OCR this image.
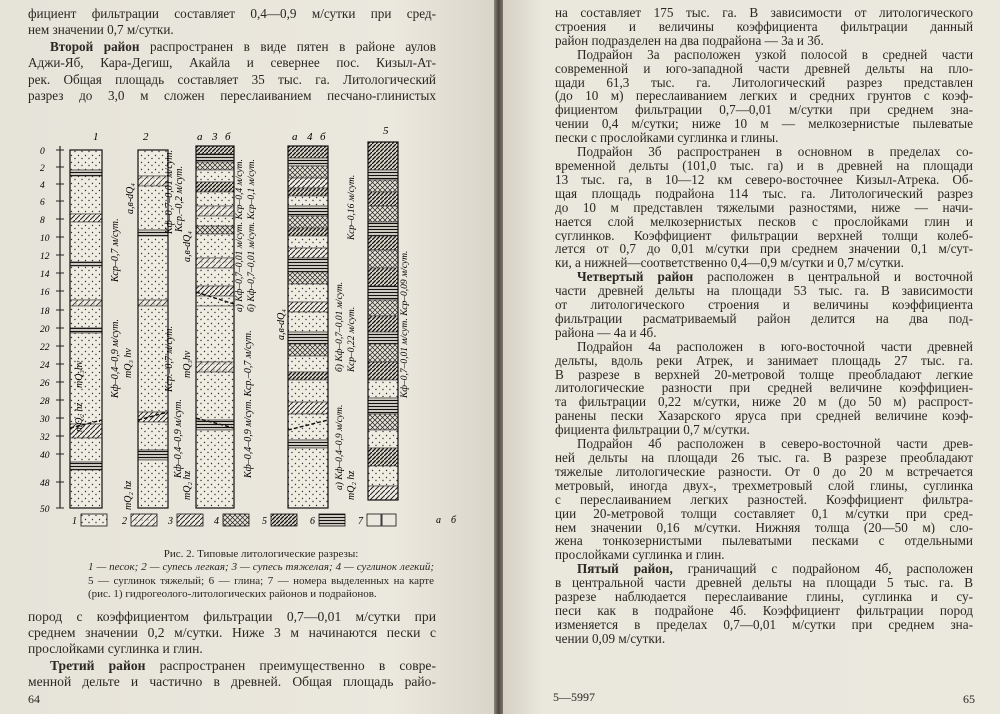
фициент фильтрации составляет 0,4—0,9 м/сутки при сред-
нем значении 0,7 м/сутки.
Второй район распространен в виде пятен в районе аулов
Аджи-Яб, Кара-Дегиш, Акайла и севернее пос. Кизыл-Ат-
рек. Общая площадь составляет 35 тыс. га. Литологический
разрез до 3,0 м сложен переслаиванием песчано-глинистых
0
2
4
6
8
10
12
14
16
18
20
22
24
26
28
30
32
40
48
50
1	2	а 3 б	а 4 б	5
mQ₂ hz
mQ₃hv	Кф–0,4–0,9 м/сут.
Кср–0,7 м/сут.
mQ₂ hz
mQ₃ hv	Кср.–0,7 м/сут.
Кф–0,4–0,9 м/сут.
а,в-dQ₄	Кср.–0,2 м/сут.
Кф–0,7–0,01 м/сут.
mQ₂ hz
mQ₃hv	Кф–0,4–0,9 м/сут. Кср.–0,7 м/сут.
а,в-dQ₄	а) Кф–0,7–0,01 м/сут. Кср–0,4 м/сут. б) Кф–0,7–0,01 м/сут. Кср–0,1 м/сут.
mQ₂ hz
а,в-dQ₄
а) Кф–0,4–0,9 м/сут.
б) Кф–0,7–0,01 м/сут. Кср–0,22 м/сут.
Кср–0,16 м/сут.
Кф–0,7–0,01 м/сут. Кср–0,09 м/сут.
1	2	3	4	5	6	7	а б
Рис. 2. Типовые литологические разрезы:
1 — песок; 2 — супесь легкая; 3 — супесь тяжелая; 4 — суглинок легкий;
5 — суглинок тяжелый; 6 — глина; 7 — номера выделенных на карте
(рис. 1) гидрогеолого-литологических районов и подрайонов.
пород с коэффициентом фильтрации 0,7—0,01 м/сутки при
среднем значении 0,2 м/сутки. Ниже 3 м начинаются пески с
прослойками суглинка и глин.
Третий район распространен преимущественно в совре-
менной дельте и частично в древней. Общая площадь райо-
64
на составляет 175 тыс. га. В зависимости от литологического
строения и величины коэффициента фильтрации данный
район подразделен на два подрайона — 3а и 3б.
Подрайон 3а расположен узкой полосой в средней части
современной и юго-западной части древней дельты на пло-
щади 61,3 тыс. га. Литологический разрез представлен
(до 10 м) переслаиванием легких и средних грунтов с коэф-
фициентом фильтрации 0,7—0,01 м/сутки при среднем зна-
чении 0,4 м/сутки; ниже 10 м — мелкозернистые пылеватые
пески с прослойками суглинка и глины.
Подрайон 3б распространен в основном в пределах со-
временной дельты (101,0 тыс. га) и в древней на площади
13 тыс. га, в 10—12 км северо-восточнее Кизыл-Атрека. Об-
щая площадь подрайона 114 тыс. га. Литологический разрез
до 10 м представлен тяжелыми разностями, ниже — начи-
нается слой мелкозернистых песков с прослойками глин и
суглинков. Коэффициент фильтрации верхней толщи колеб-
лется от 0,7 до 0,01 м/сутки при среднем значении 0,1 м/сут-
ки, а нижней—соответственно 0,4—0,9 м/сутки и 0,7 м/сутки.
Четвертый район расположен в центральной и восточной
части древней дельты на площади 53 тыс. га. В зависимости
от литологического строения и величины коэффициента
фильтрации расматриваемый район делится на два под-
района — 4а и 4б.
Подрайон 4а расположен в юго-восточной части древней
дельты, вдоль реки Атрек, и занимает площадь 27 тыс. га.
В разрезе в верхней 20-метровой толще преобладают легкие
литологические разности при средней величине коэффициен-
та фильтрации 0,22 м/сутки, ниже 20 м (до 50 м) распрост-
ранены пески Хазарского яруса при средней величине коэф-
фициента фильтрации 0,7 м/сутки.
Подрайон 4б расположен в северо-восточной части древ-
ней дельты на площади 26 тыс. га. В разрезе преобладают
тяжелые литологические разности. От 0 до 20 м встречается
метровый, иногда двух-, трехметровый слой глины, суглинка
с переслаиванием легких разностей. Коэффициент фильтра-
ции 20-метровой толщи составляет 0,1 м/сутки при сред-
нем значении 0,16 м/сутки. Нижняя толща (20—50 м) сло-
жена тонкозернистыми пылеватыми песками с отдельными
прослойками суглинка и глин.
Пятый район, граничащий с подрайоном 4б, расположен
в центральной части древней дельты на площади 5 тыс. га. В
разрезе наблюдается переслаивание глины, суглинка и су-
песи как в подрайоне 4б. Коэффициент фильтрации пород
изменяется в пределах 0,7—0,01 м/сутки при среднем зна-
чении 0,09 м/сутки.
5—5997	65
